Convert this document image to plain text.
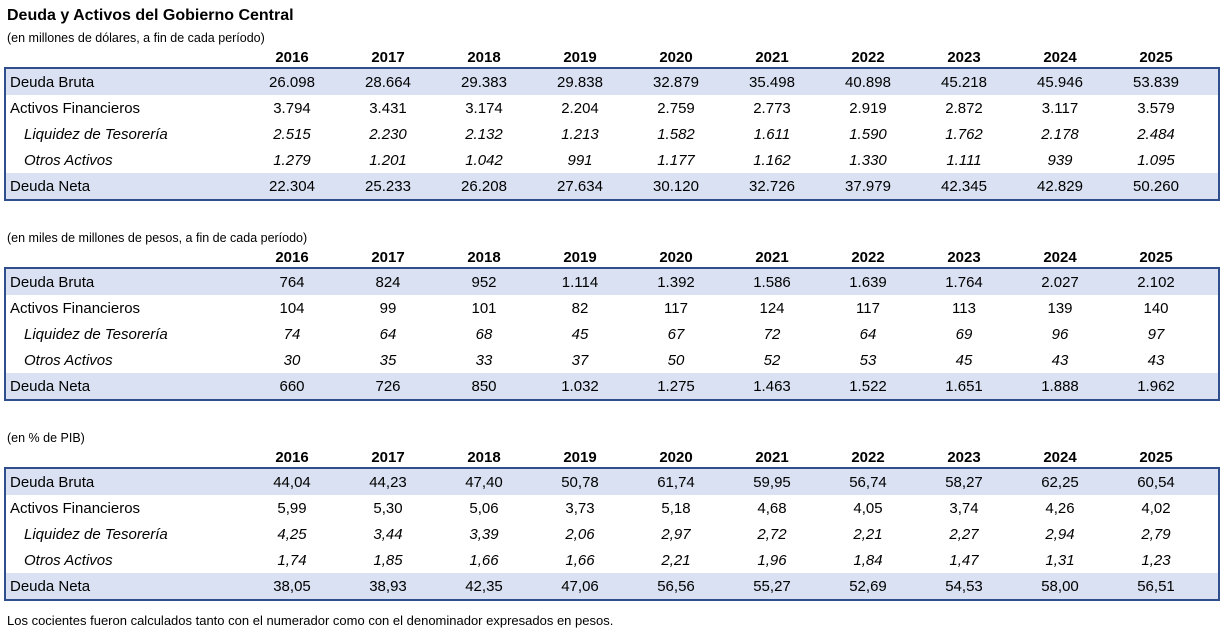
Deuda y Activos del Gobierno Central
(en millones de dólares, a fin de cada período)
2016	2017	2018	2019	2020	2021	2022	2023	2024	2025
Deuda Bruta	26.098	28.664	29.383	29.838	32.879	35.498	40.898	45.218	45.946	53.839
Activos Financieros	3.794	3.431	3.174	2.204	2.759	2.773	2.919	2.872	3.117	3.579
Liquidez de Tesorería	2.515	2.230	2.132	1.213	1.582	1.611	1.590	1.762	2.178	2.484
Otros Activos	1.279	1.201	1.042	991	1.177	1.162	1.330	1.111	939	1.095
Deuda Neta	22.304	25.233	26.208	27.634	30.120	32.726	37.979	42.345	42.829	50.260
(en miles de millones de pesos, a fin de cada período)
2016	2017	2018	2019	2020	2021	2022	2023	2024	2025
Deuda Bruta	764	824	952	1.114	1.392	1.586	1.639	1.764	2.027	2.102
Activos Financieros	104	99	101	82	117	124	117	113	139	140
Liquidez de Tesorería	74	64	68	45	67	72	64	69	96	97
Otros Activos	30	35	33	37	50	52	53	45	43	43
Deuda Neta	660	726	850	1.032	1.275	1.463	1.522	1.651	1.888	1.962
(en % de PIB)
2016	2017	2018	2019	2020	2021	2022	2023	2024	2025
Deuda Bruta	44,04	44,23	47,40	50,78	61,74	59,95	56,74	58,27	62,25	60,54
Activos Financieros	5,99	5,30	5,06	3,73	5,18	4,68	4,05	3,74	4,26	4,02
Liquidez de Tesorería	4,25	3,44	3,39	2,06	2,97	2,72	2,21	2,27	2,94	2,79
Otros Activos	1,74	1,85	1,66	1,66	2,21	1,96	1,84	1,47	1,31	1,23
Deuda Neta	38,05	38,93	42,35	47,06	56,56	55,27	52,69	54,53	58,00	56,51
Los cocientes fueron calculados tanto con el numerador como con el denominador expresados en pesos.
